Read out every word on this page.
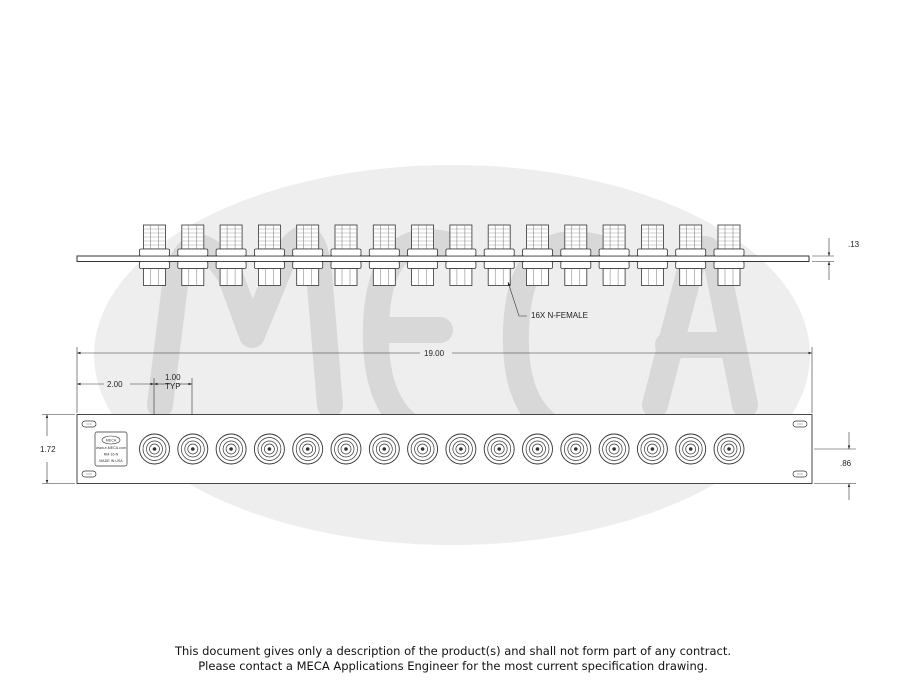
.13
16X N-FEMALE
19.00
2.00
1.00
TYP
1.72
.86
MECA
www.e-MECA.com
RM-16-N
MADE IN USA
This document gives only a description of the product(s) and shall not form part of any contract.
Please contact a MECA Applications Engineer for the most current specification drawing.
